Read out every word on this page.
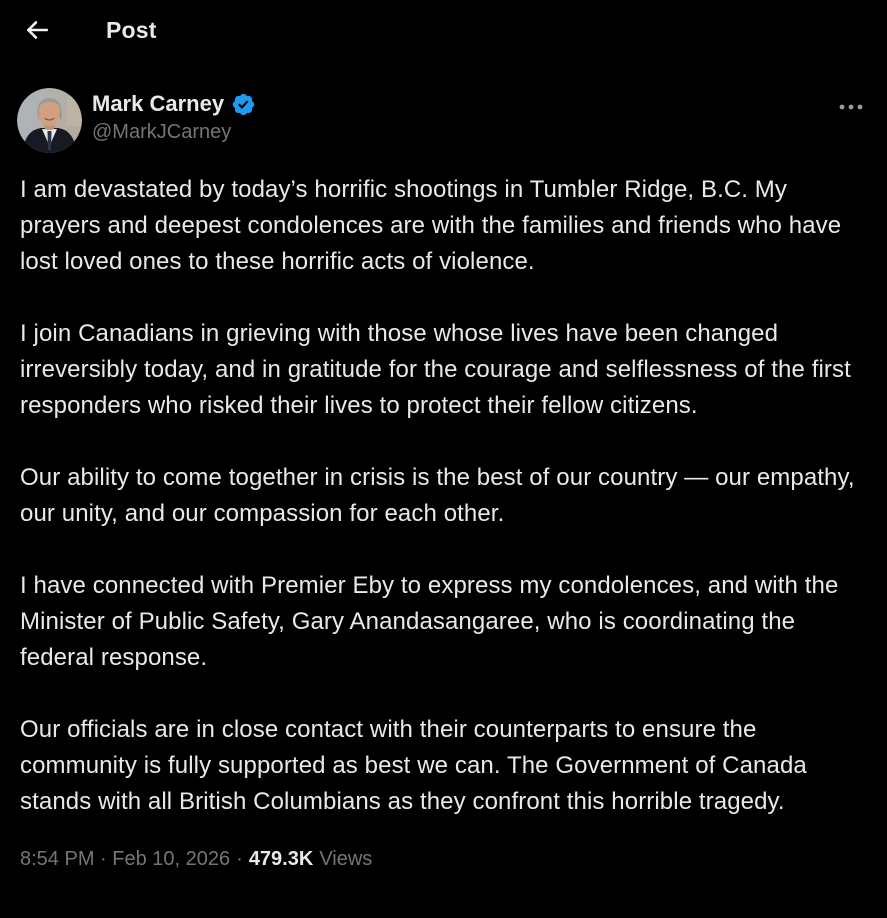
Post
Mark Carney
@MarkJCarney

I am devastated by today’s horrific shootings in Tumbler Ridge, B.C. My prayers and deepest condolences are with the families and friends who have lost loved ones to these horrific acts of violence.

I join Canadians in grieving with those whose lives have been changed irreversibly today, and in gratitude for the courage and selflessness of the first responders who risked their lives to protect their fellow citizens.

Our ability to come together in crisis is the best of our country — our empathy, our unity, and our compassion for each other.

I have connected with Premier Eby to express my condolences, and with the Minister of Public Safety, Gary Anandasangaree, who is coordinating the federal response.

Our officials are in close contact with their counterparts to ensure the community is fully supported as best we can. The Government of Canada stands with all British Columbians as they confront this horrible tragedy.

8:54 PM · Feb 10, 2026 · 479.3K Views
